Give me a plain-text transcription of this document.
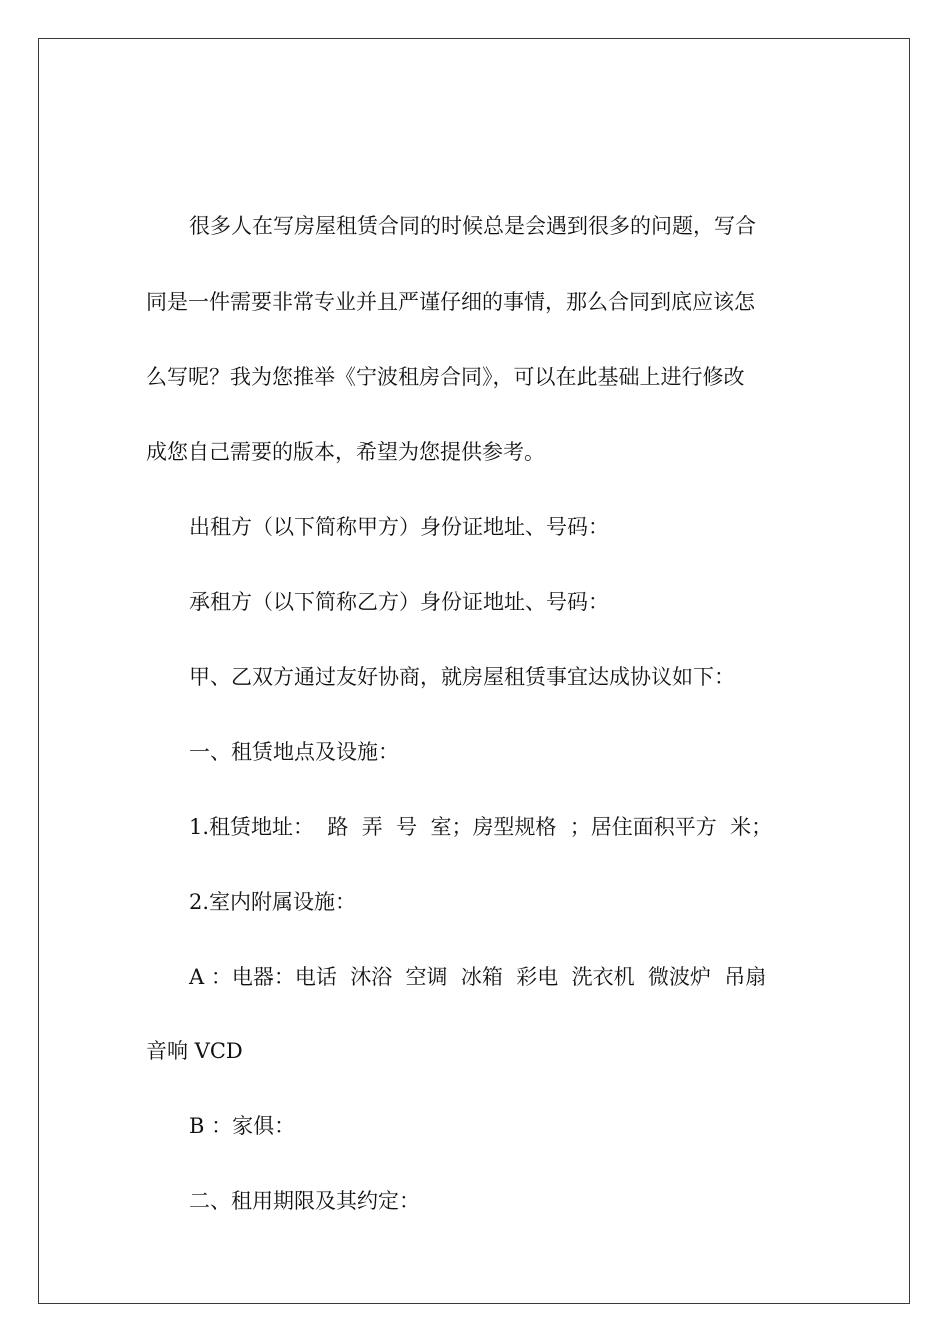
很多人在写房屋租赁合同的时候总是会遇到很多的问题，写合

同是一件需要非常专业并且严谨仔细的事情，那么合同到底应该怎

么写呢？我为您推举《宁波租房合同》，可以在此基础上进行修改

成您自己需要的版本，希望为您提供参考。

出租方（以下简称甲方）身份证地址、号码：

承租方（以下简称乙方）身份证地址、号码：

甲、乙双方通过友好协商，就房屋租赁事宜达成协议如下：

一、租赁地点及设施：

1.租赁地址：  路  弄  号  室；房型规格  ；居住面积平方  米；

2.室内附属设施：

A ：电器：电话  沐浴  空调  冰箱  彩电  洗衣机  微波炉  吊扇

音响 VCD

B ：家俱：

二、租用期限及其约定：
